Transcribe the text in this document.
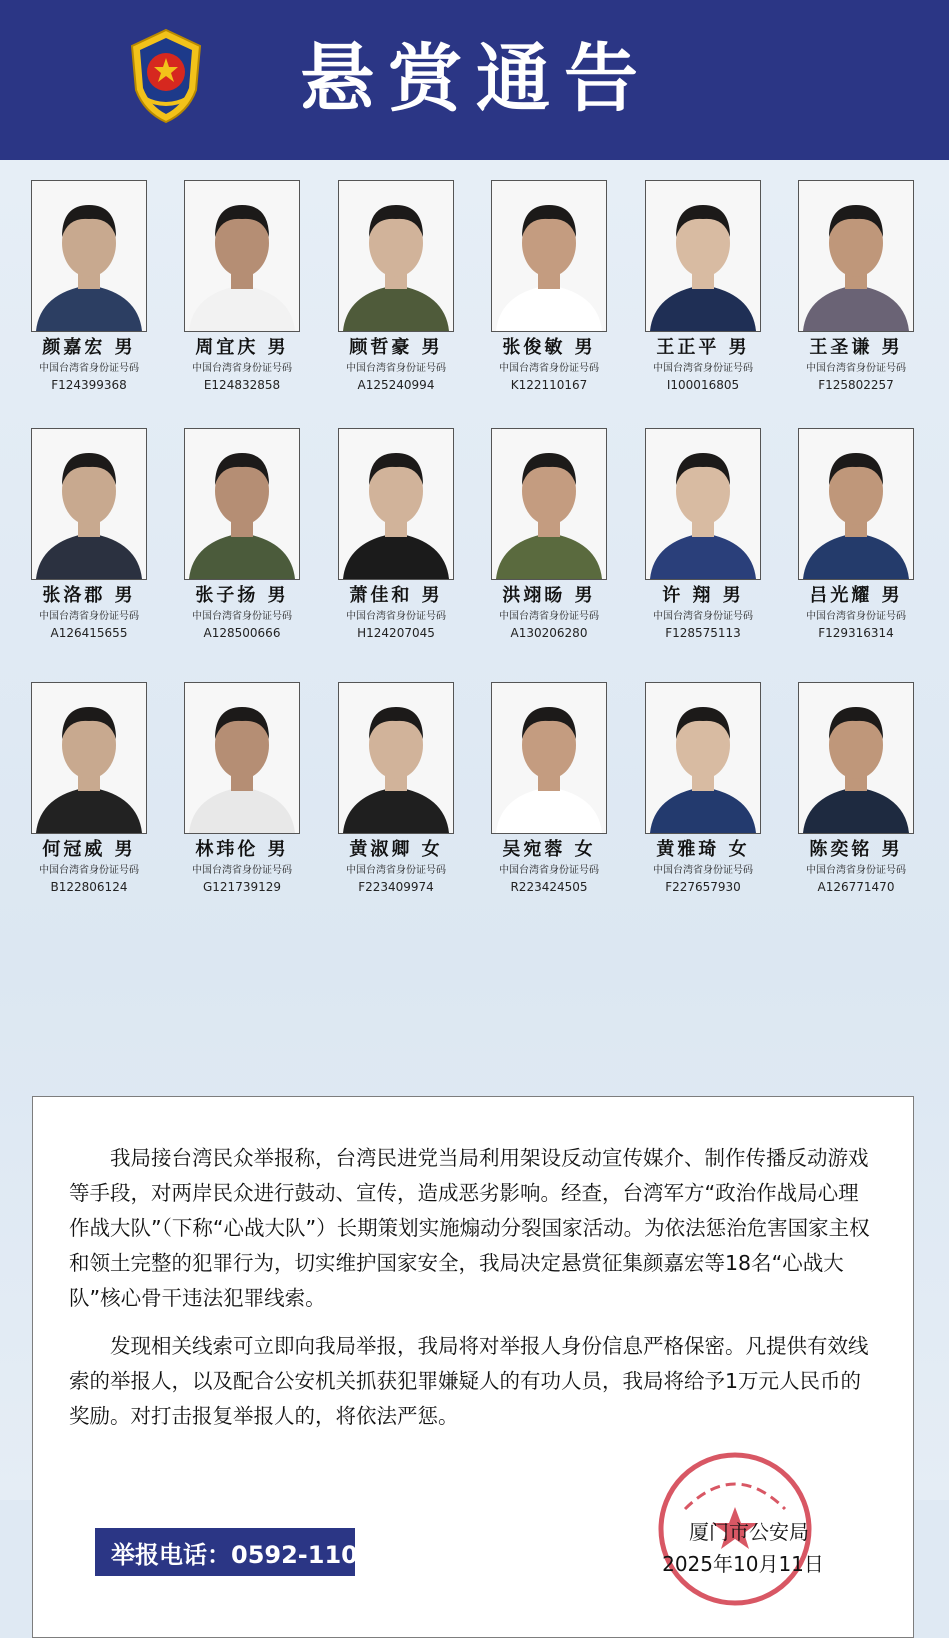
悬赏通告
颜嘉宏 男
中国台湾省身份证号码
F124399368
周宜庆 男
中国台湾省身份证号码
E124832858
顾哲豪 男
中国台湾省身份证号码
A125240994
张俊敏 男
中国台湾省身份证号码
K122110167
王正平 男
中国台湾省身份证号码
I100016805
王圣谦 男
中国台湾省身份证号码
F125802257
张洛郡 男
中国台湾省身份证号码
A126415655
张子扬 男
中国台湾省身份证号码
A128500666
萧佳和 男
中国台湾省身份证号码
H124207045
洪翊旸 男
中国台湾省身份证号码
A130206280
许 翔 男
中国台湾省身份证号码
F128575113
吕光耀 男
中国台湾省身份证号码
F129316314
何冠威 男
中国台湾省身份证号码
B122806124
林玮伦 男
中国台湾省身份证号码
G121739129
黄淑卿 女
中国台湾省身份证号码
F223409974
吴宛蓉 女
中国台湾省身份证号码
R223424505
黄雅琦 女
中国台湾省身份证号码
F227657930
陈奕铭 男
中国台湾省身份证号码
A126771470

我局接台湾民众举报称，台湾民进党当局利用架设反动宣传媒介、制作传播反动游戏等手段，对两岸民众进行鼓动、宣传，造成恶劣影响。经查，台湾军方“政治作战局心理作战大队”（下称“心战大队”）长期策划实施煽动分裂国家活动。为依法惩治危害国家主权和领土完整的犯罪行为，切实维护国家安全，我局决定悬赏征集颜嘉宏等18名“心战大队”核心骨干违法犯罪线索。

发现相关线索可立即向我局举报，我局将对举报人身份信息严格保密。凡提供有效线索的举报人，以及配合公安机关抓获犯罪嫌疑人的有功人员，我局将给予1万元人民币的奖励。对打击报复举报人的，将依法严惩。

举报电话：0592-110
厦门市公安局
2025年10月11日
